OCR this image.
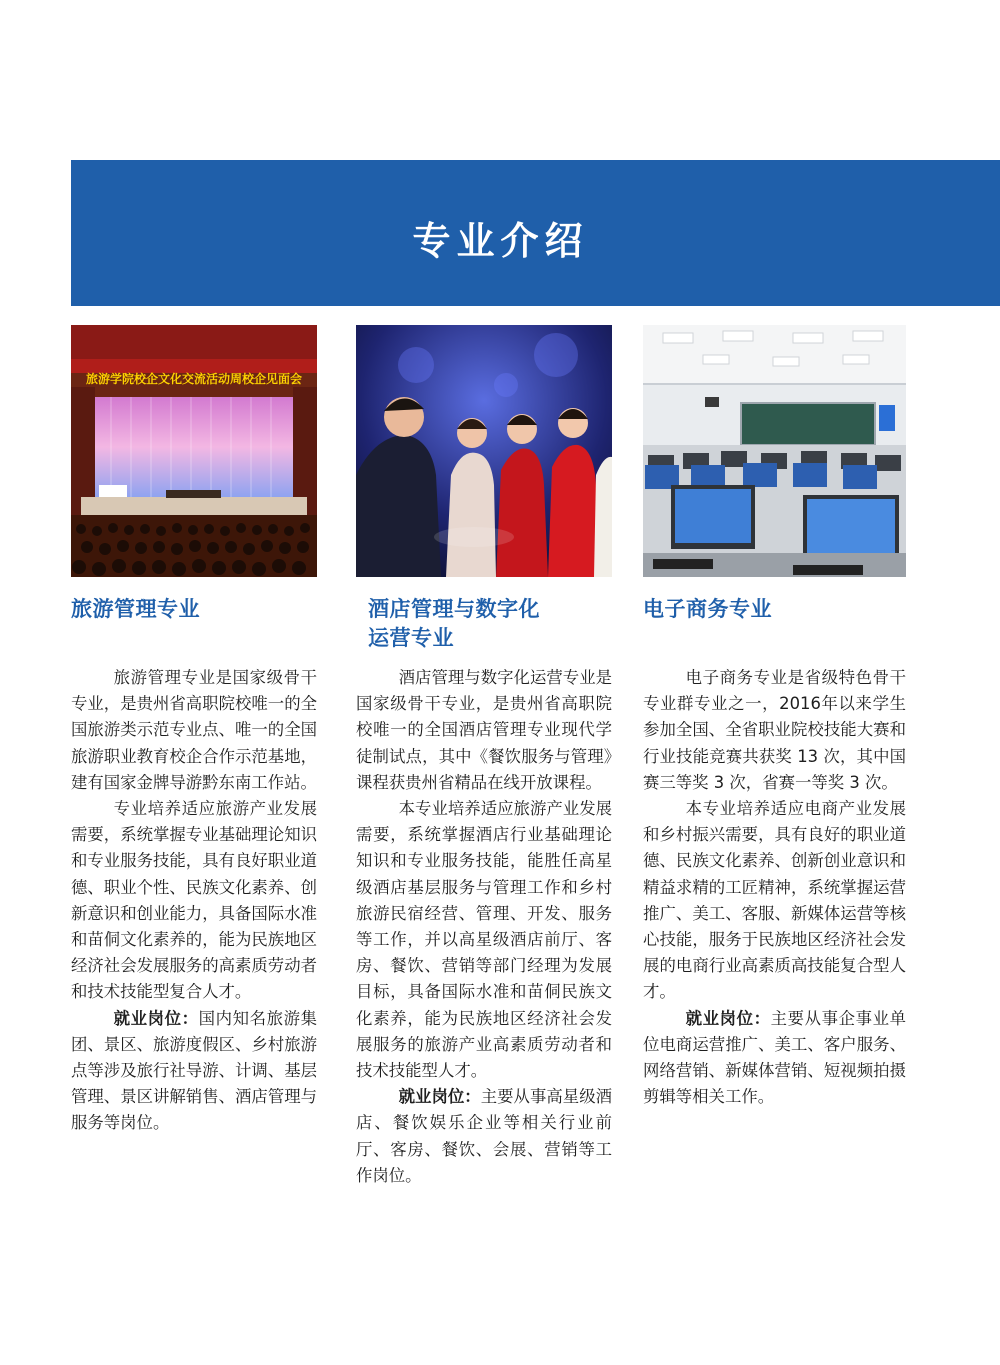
专业介绍
旅游学院校企文化交流活动周校企见面会
旅游管理专业

旅游管理专业是国家级骨干专业，是贵州省高职院校唯一的全国旅游类示范专业点、唯一的全国旅游职业教育校企合作示范基地，建有国家金牌导游黔东南工作站。

专业培养适应旅游产业发展需要，系统掌握专业基础理论知识和专业服务技能，具有良好职业道德、职业个性、民族文化素养、创新意识和创业能力，具备国际水准和苗侗文化素养的，能为民族地区经济社会发展服务的高素质劳动者和技术技能型复合人才。

就业岗位：国内知名旅游集团、景区、旅游度假区、乡村旅游点等涉及旅行社导游、计调、基层管理、景区讲解销售、酒店管理与服务等岗位。

酒店管理与数字化
运营专业

酒店管理与数字化运营专业是国家级骨干专业，是贵州省高职院校唯一的全国酒店管理专业现代学徒制试点，其中《餐饮服务与管理》课程获贵州省精品在线开放课程。

本专业培养适应旅游产业发展需要，系统掌握酒店行业基础理论知识和专业服务技能，能胜任高星级酒店基层服务与管理工作和乡村旅游民宿经营、管理、开发、服务等工作，并以高星级酒店前厅、客房、餐饮、营销等部门经理为发展目标，具备国际水准和苗侗民族文化素养，能为民族地区经济社会发展服务的旅游产业高素质劳动者和技术技能型人才。

就业岗位：主要从事高星级酒店、餐饮娱乐企业等相关行业前厅、客房、餐饮、会展、营销等工作岗位。

电子商务专业

电子商务专业是省级特色骨干专业群专业之一，2016年以来学生参加全国、全省职业院校技能大赛和行业技能竞赛共获奖 13 次，其中国赛三等奖 3 次，省赛一等奖 3 次。

本专业培养适应电商产业发展和乡村振兴需要，具有良好的职业道德、民族文化素养、创新创业意识和精益求精的工匠精神，系统掌握运营推广、美工、客服、新媒体运营等核心技能，服务于民族地区经济社会发展的电商行业高素质高技能复合型人才。

就业岗位：主要从事企事业单位电商运营推广、美工、客户服务、网络营销、新媒体营销、短视频拍摄剪辑等相关工作。
